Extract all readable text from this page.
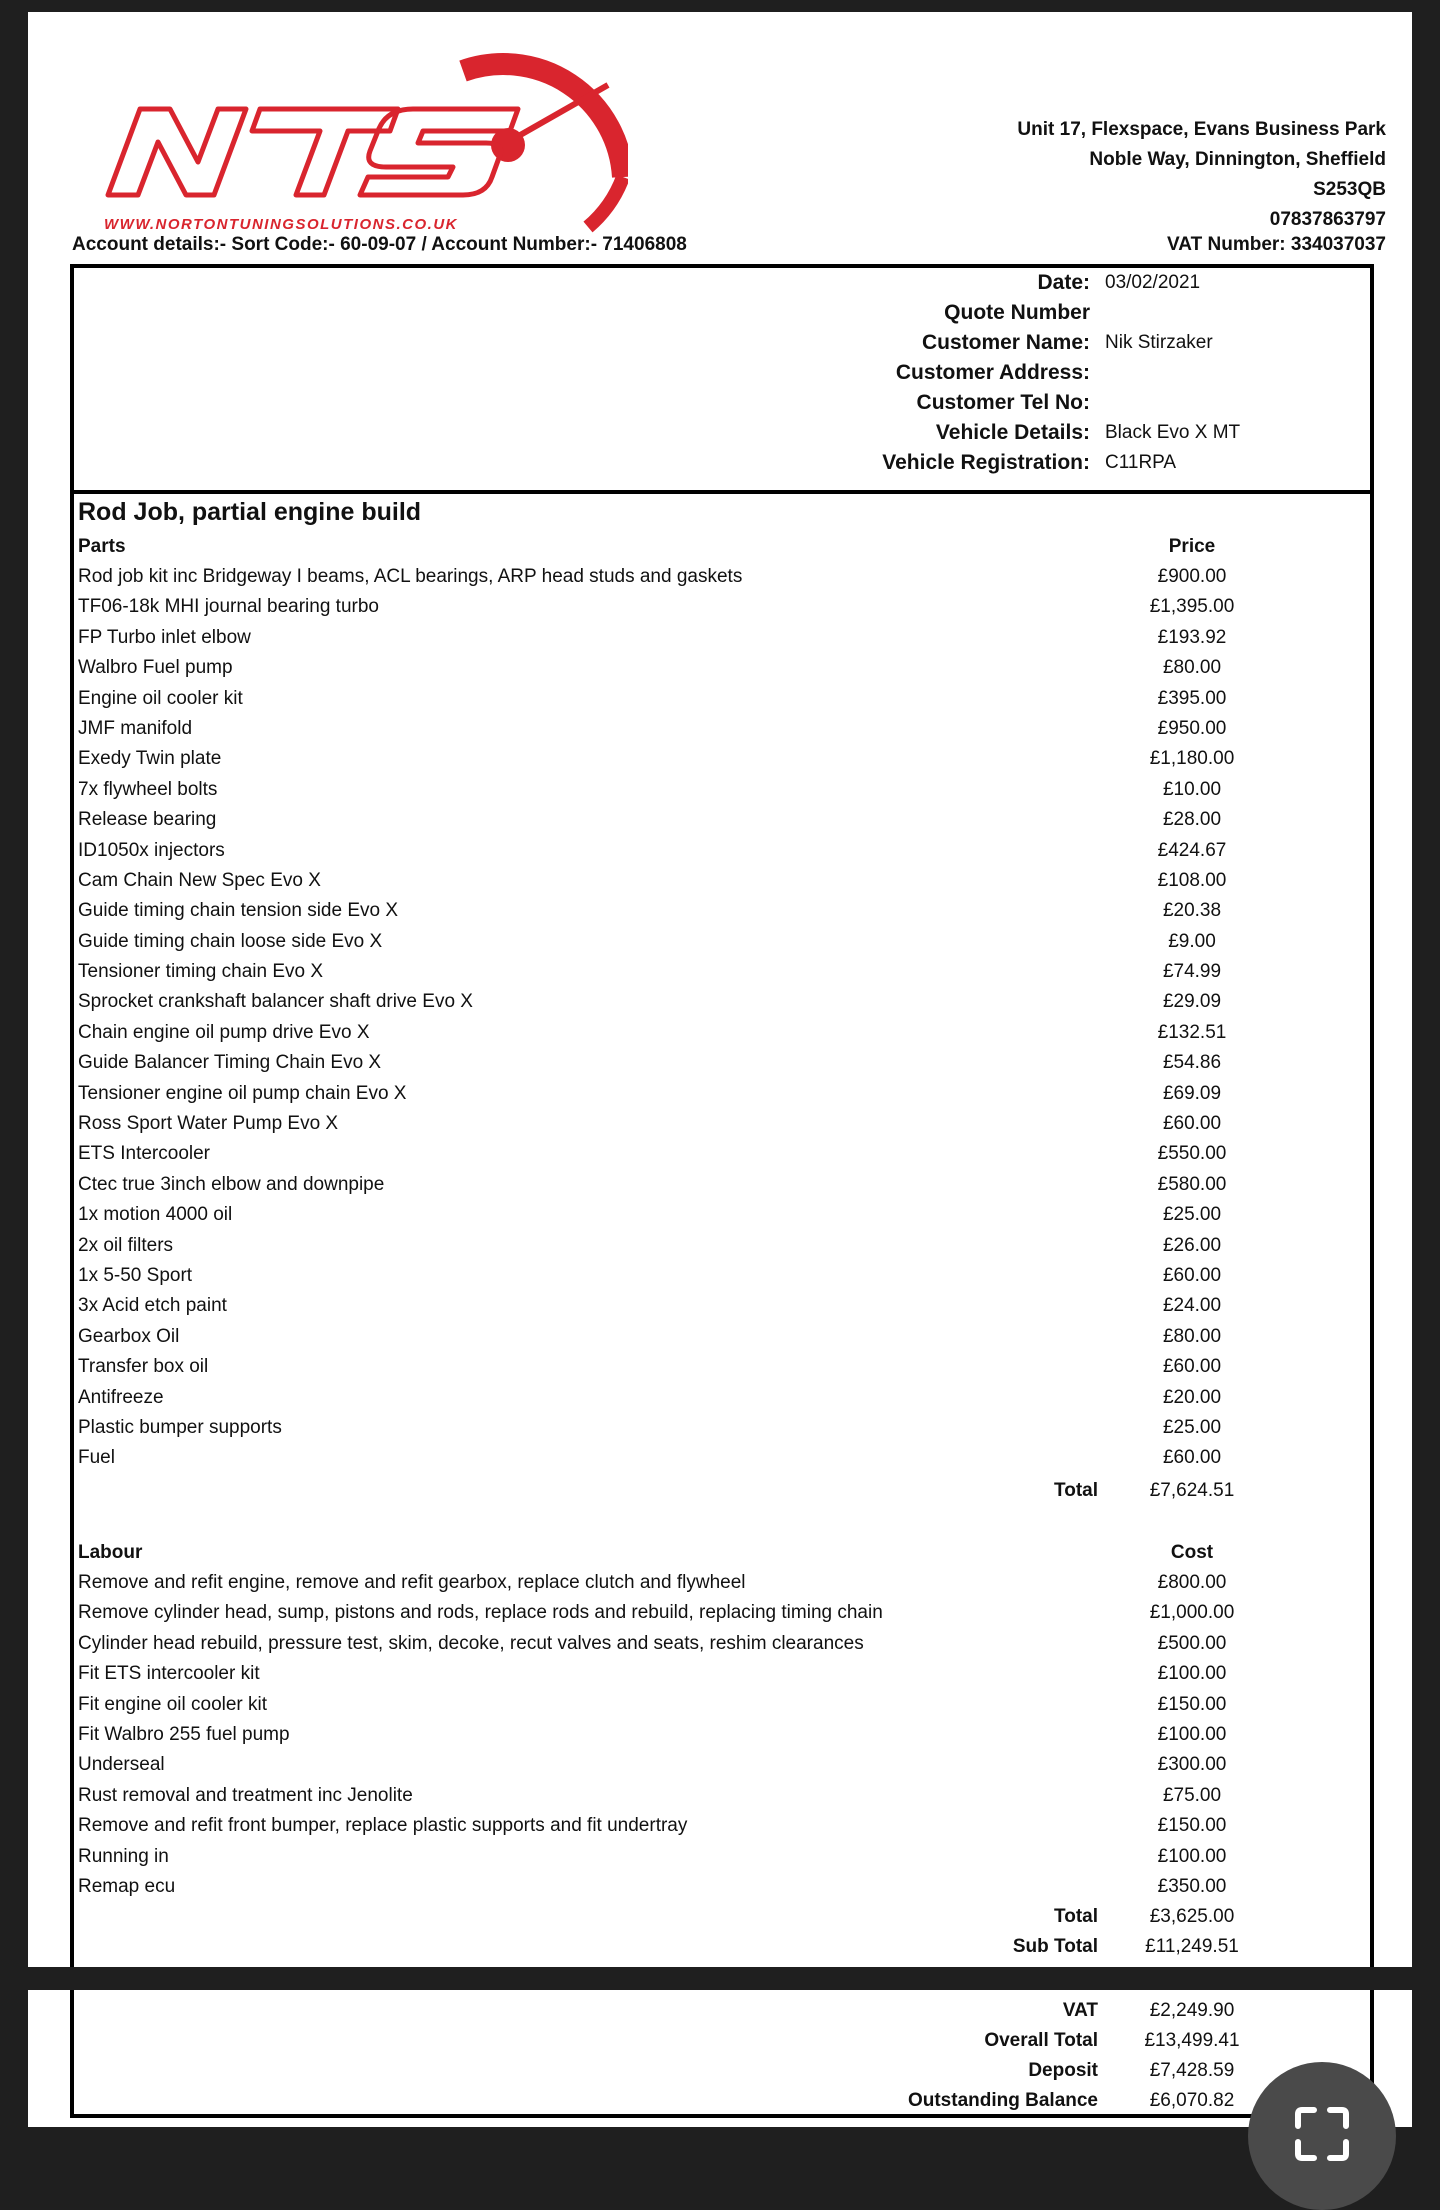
WWW.NORTONTUNINGSOLUTIONS.CO.UK
Unit 17, Flexspace, Evans Business Park
Noble Way, Dinnington, Sheffield
S253QB
07837863797
Account details:- Sort Code:- 60-09-07 / Account Number:- 71406808	VAT Number: 334037037
Date: 03/02/2021
Quote Number
Customer Name: Nik Stirzaker
Customer Address:
Customer Tel No:
Vehicle Details: Black Evo X MT
Vehicle Registration: C11RPA
Rod Job, partial engine build
Parts	Price
Rod job kit inc Bridgeway I beams, ACL bearings, ARP head studs and gaskets	£900.00
TF06-18k MHI journal bearing turbo	£1,395.00
FP Turbo inlet elbow	£193.92
Walbro Fuel pump	£80.00
Engine oil cooler kit	£395.00
JMF manifold	£950.00
Exedy Twin plate	£1,180.00
7x flywheel bolts	£10.00
Release bearing	£28.00
ID1050x injectors	£424.67
Cam Chain New Spec Evo X	£108.00
Guide timing chain tension side Evo X	£20.38
Guide timing chain loose side Evo X	£9.00
Tensioner timing chain Evo X	£74.99
Sprocket crankshaft balancer shaft drive Evo X	£29.09
Chain engine oil pump drive Evo X	£132.51
Guide Balancer Timing Chain Evo X	£54.86
Tensioner engine oil pump chain Evo X	£69.09
Ross Sport Water Pump Evo X	£60.00
ETS Intercooler	£550.00
Ctec true 3inch elbow and downpipe	£580.00
1x motion 4000 oil	£25.00
2x oil filters	£26.00
1x 5-50 Sport	£60.00
3x Acid etch paint	£24.00
Gearbox Oil	£80.00
Transfer box oil	£60.00
Antifreeze	£20.00
Plastic bumper supports	£25.00
Fuel	£60.00
Total	£7,624.51
Labour	Cost
Remove and refit engine, remove and refit gearbox, replace clutch and flywheel	£800.00
Remove cylinder head, sump, pistons and rods, replace rods and rebuild, replacing timing chain	£1,000.00
Cylinder head rebuild, pressure test, skim, decoke, recut valves and seats, reshim clearances	£500.00
Fit ETS intercooler kit	£100.00
Fit engine oil cooler kit	£150.00
Fit Walbro 255 fuel pump	£100.00
Underseal	£300.00
Rust removal and treatment inc Jenolite	£75.00
Remove and refit front bumper, replace plastic supports and fit undertray	£150.00
Running in	£100.00
Remap ecu	£350.00
Total	£3,625.00
Sub Total	£11,249.51
VAT	£2,249.90
Overall Total	£13,499.41
Deposit	£7,428.59
Outstanding Balance	£6,070.82
